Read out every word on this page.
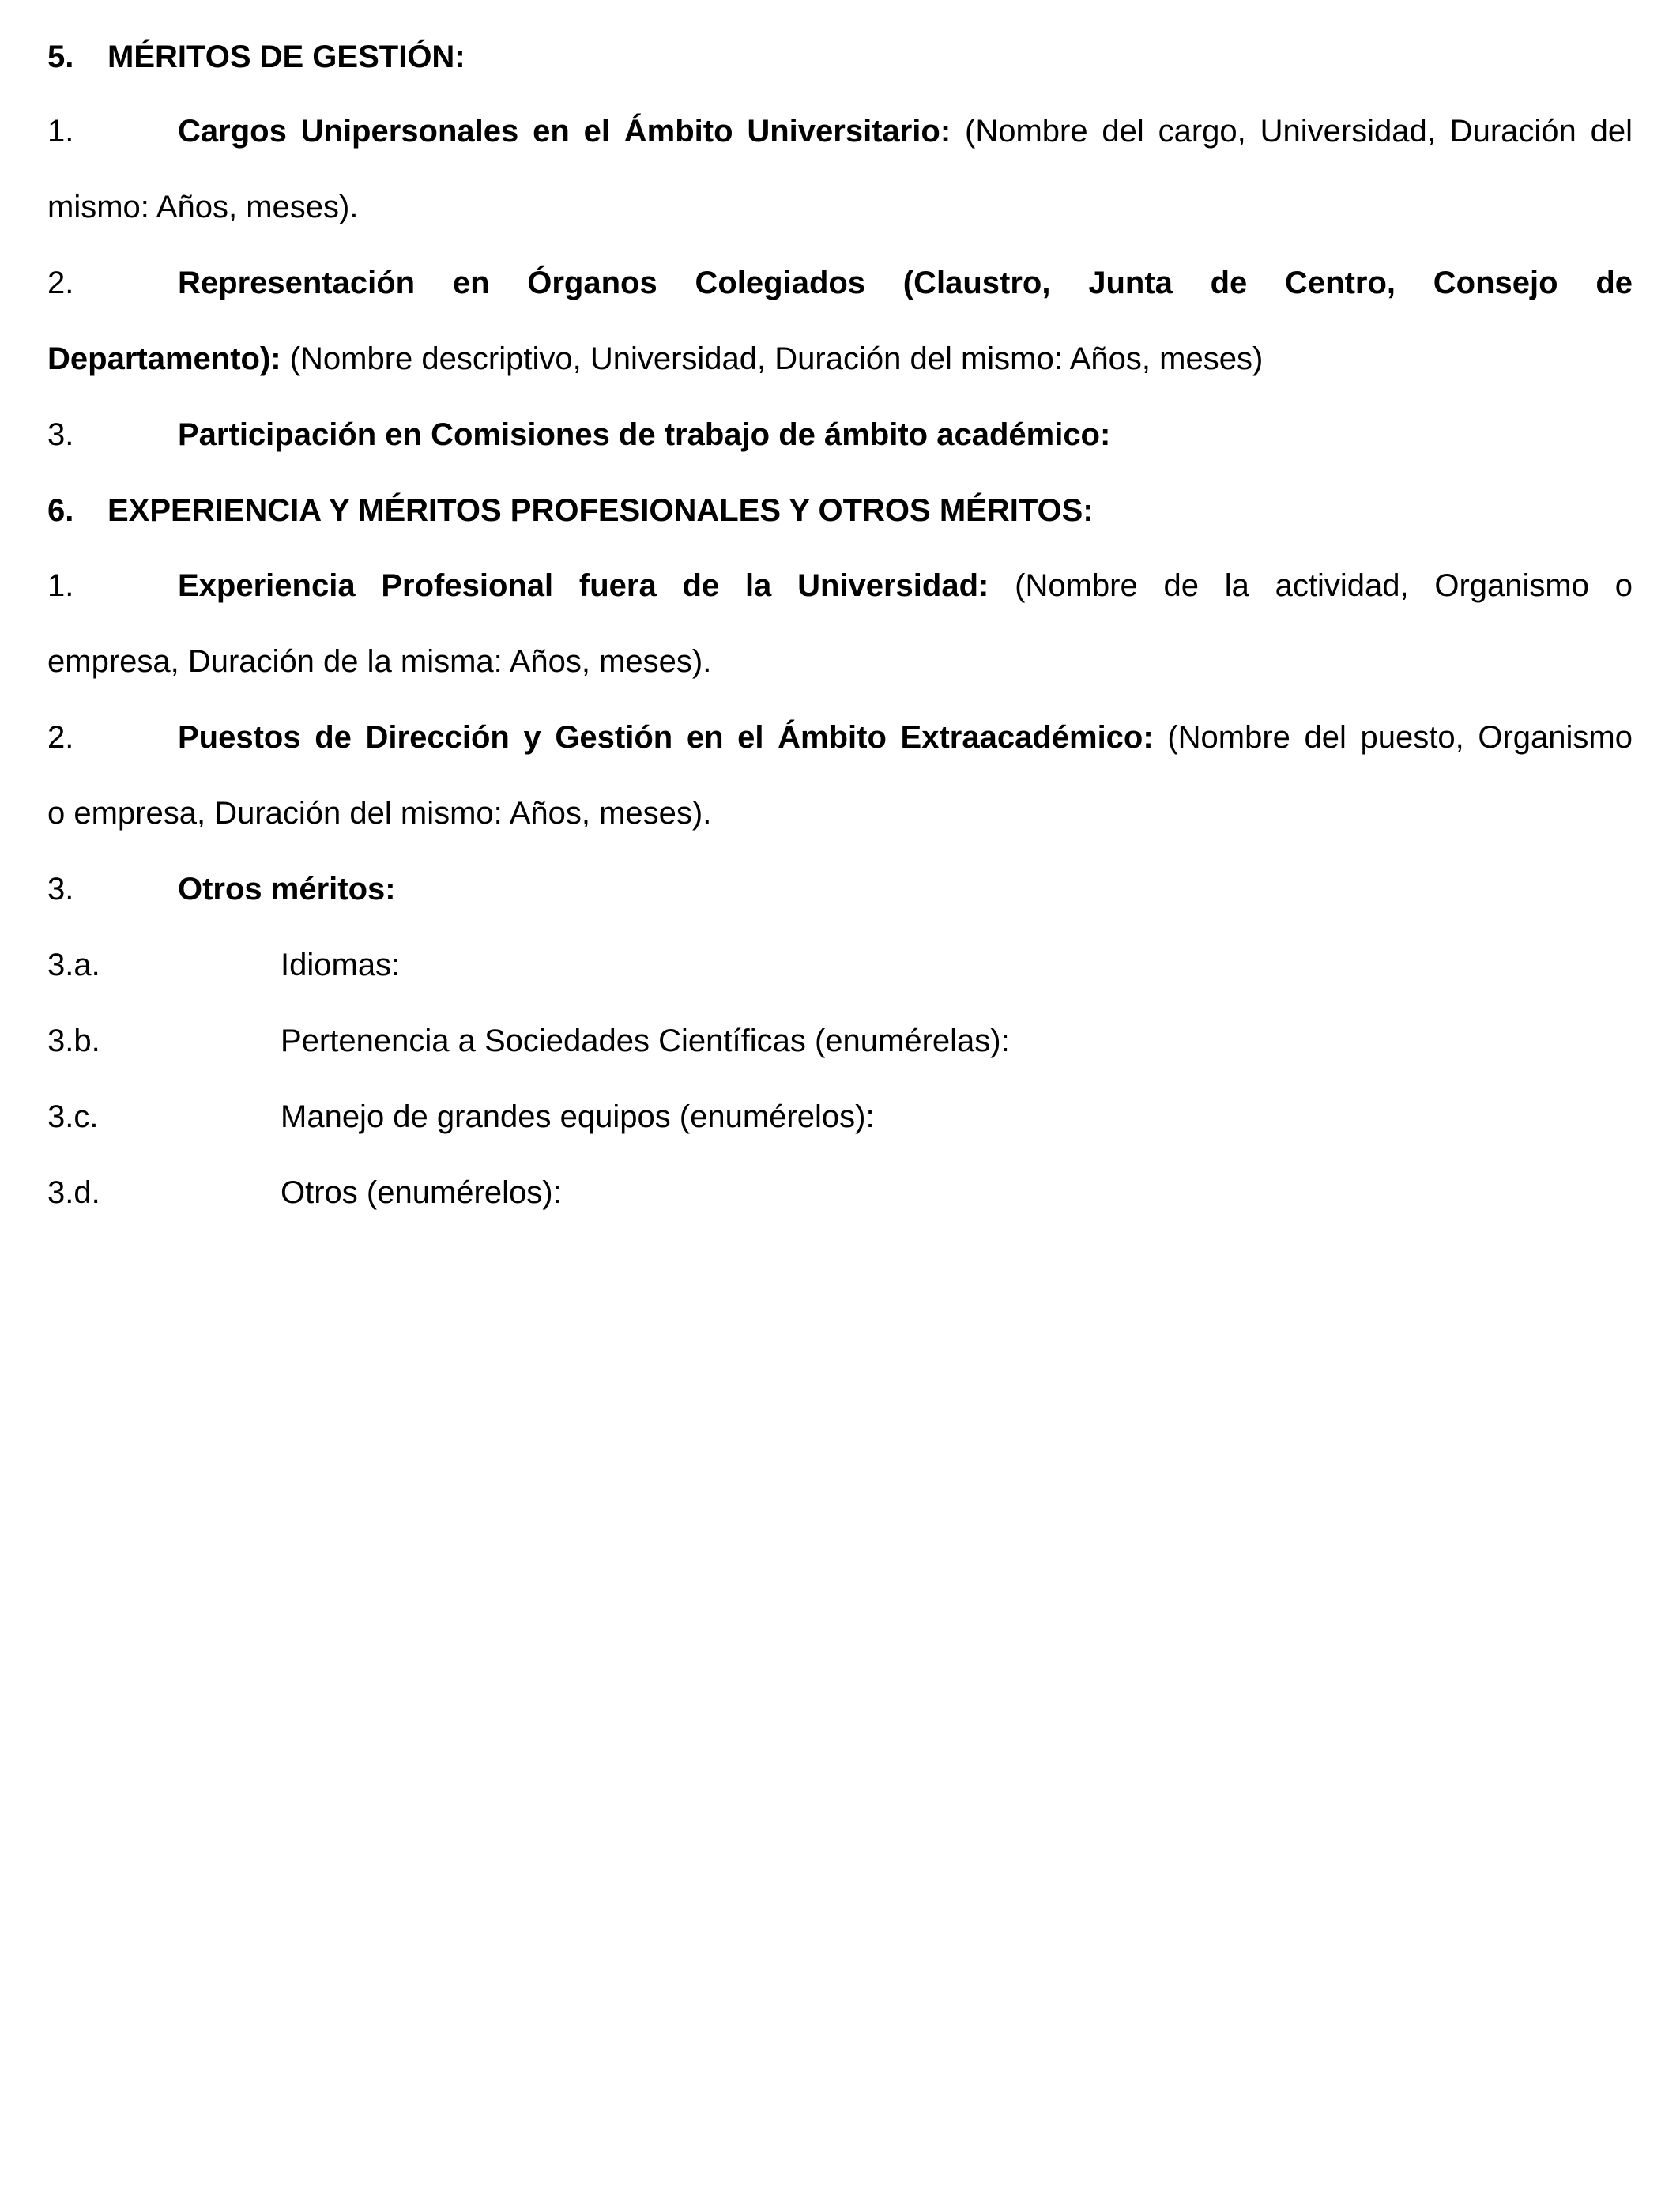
5. MÉRITOS DE GESTIÓN:
1.	Cargos Unipersonales en el Ámbito Universitario: (Nombre del cargo, Universidad, Duración del
mismo: Años, meses).
2.	Representación en Órganos Colegiados (Claustro, Junta de Centro, Consejo de
Departamento): (Nombre descriptivo, Universidad, Duración del mismo: Años, meses)
3.	Participación en Comisiones de trabajo de ámbito académico:
6. EXPERIENCIA Y MÉRITOS PROFESIONALES Y OTROS MÉRITOS:
1.	Experiencia Profesional fuera de la Universidad: (Nombre de la actividad, Organismo o
empresa, Duración de la misma: Años, meses).
2.	Puestos de Dirección y Gestión en el Ámbito Extraacadémico: (Nombre del puesto, Organismo
o empresa, Duración del mismo: Años, meses).
3.	Otros méritos:
3.a.	Idiomas:
3.b.	Pertenencia a Sociedades Científicas (enumérelas):
3.c.	Manejo de grandes equipos (enumérelos):
3.d.	Otros (enumérelos):
